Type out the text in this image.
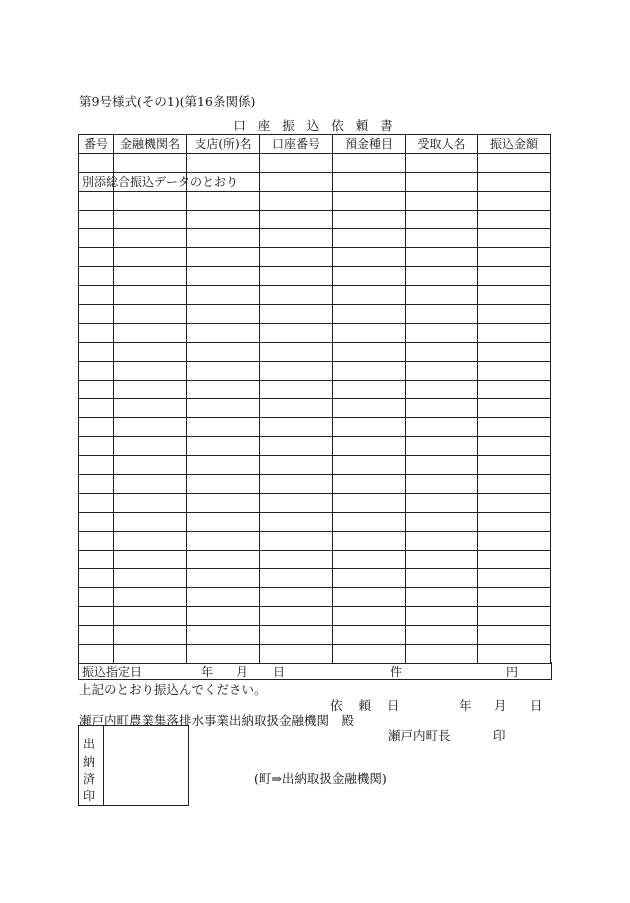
第9号様式(その1)(第16条関係)
口 座 振 込 依 頼 書
番号	金融機関名	支店(所)名	口座番号	預金種目	受取人名	振込金額

別添総合振込データのとおり						

振込指定日	年 月 日	件	円
上記のとおり振込んでください。
依 頼 日	年 月 日
瀬戸内町農業集落排水事業出納取扱金融機関　殿
瀬戸内町長	印
出
納
済
印
(町⇒出納取扱金融機関)
